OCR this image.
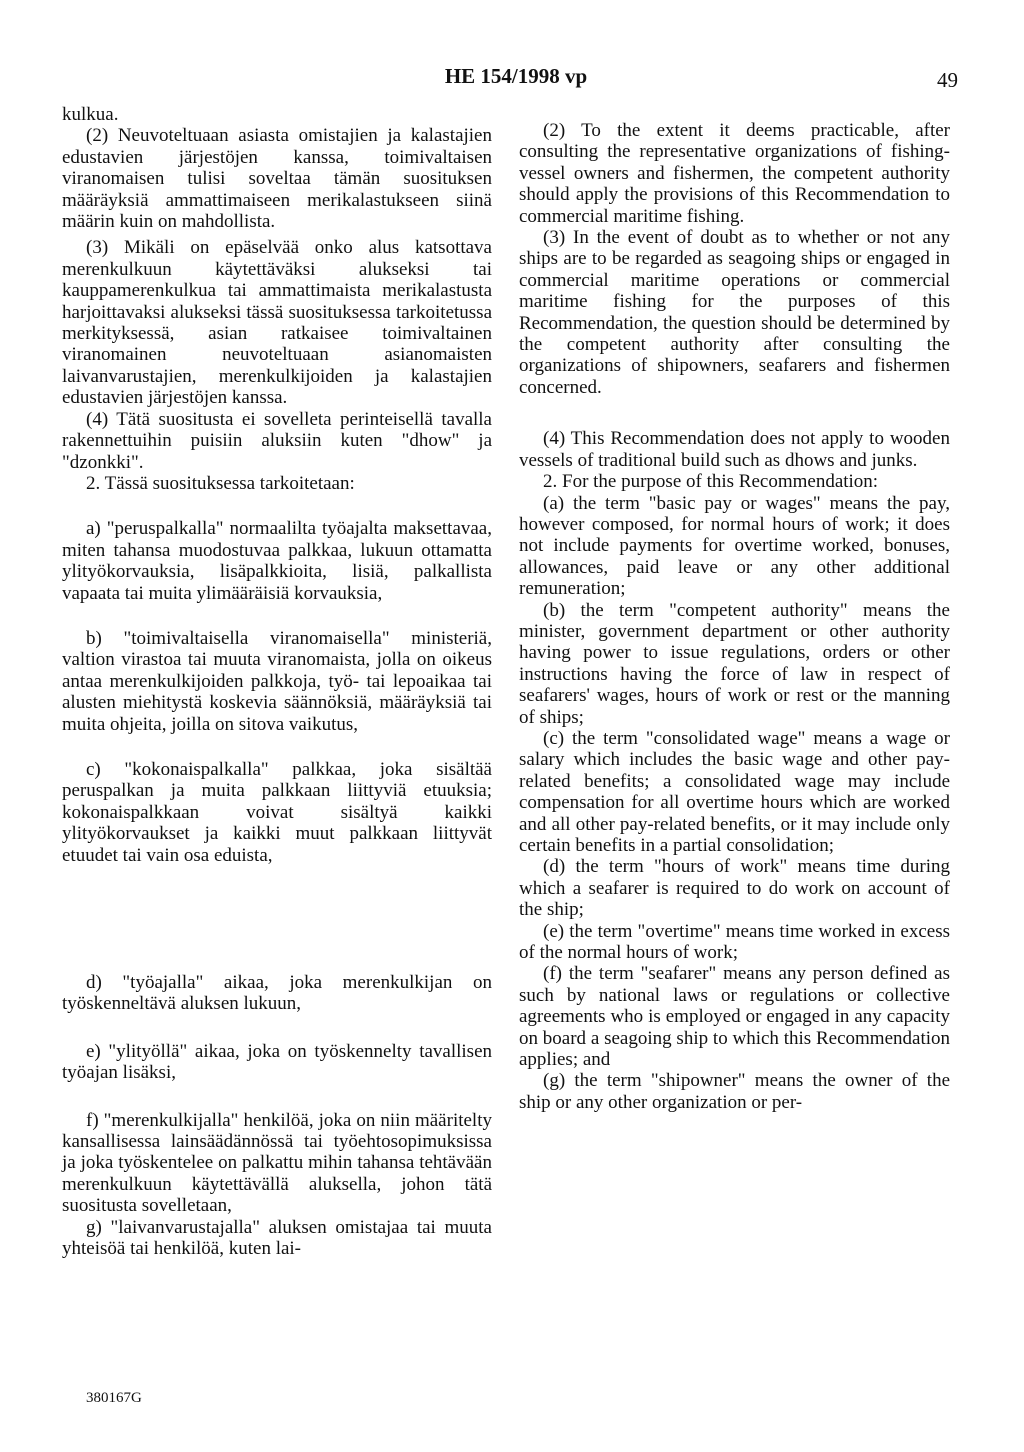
HE 154/1998 vp	49

kulkua.

(2) Neuvoteltuaan asiasta omistajien ja kalastajien edustavien järjestöjen kanssa, toimivaltaisen viranomaisen tulisi soveltaa tämän suosituksen määräyksiä ammattimaiseen merikalastukseen siinä määrin kuin on mahdollista.

(3) Mikäli on epäselvää onko alus katsottava merenkulkuun käytettäväksi alukseksi tai kauppamerenkulkua tai ammattimaista merikalastusta harjoittavaksi alukseksi tässä suosituksessa tarkoitetussa merkityksessä, asian ratkaisee toimivaltainen viranomainen neuvoteltuaan asianomaisten laivanvarustajien, merenkulkijoiden ja kalastajien edustavien järjestöjen kanssa.

(4) Tätä suositusta ei sovelleta perinteisellä tavalla rakennettuihin puisiin aluksiin kuten "dhow" ja "dzonkki".

2. Tässä suosituksessa tarkoitetaan:

a) "peruspalkalla" normaalilta työajalta maksettavaa, miten tahansa muodostuvaa palkkaa, lukuun ottamatta ylityökorvauksia, lisäpalkkioita, lisiä, palkallista vapaata tai muita ylimääräisiä korvauksia,

b) "toimivaltaisella viranomaisella" ministeriä, valtion virastoa tai muuta viranomaista, jolla on oikeus antaa merenkulkijoiden palkkoja, työ- tai lepoaikaa tai alusten miehitystä koskevia säännöksiä, määräyksiä tai muita ohjeita, joilla on sitova vaikutus,

c) "kokonaispalkalla" palkkaa, joka sisältää peruspalkan ja muita palkkaan liittyviä etuuksia; kokonaispalkkaan voivat sisältyä kaikki ylityökorvaukset ja kaikki muut palkkaan liittyvät etuudet tai vain osa eduista,

d) "työajalla" aikaa, joka merenkulkijan on työskenneltävä aluksen lukuun,

e) "ylityöllä" aikaa, joka on työskennelty tavallisen työajan lisäksi,

f) "merenkulkijalla" henkilöä, joka on niin määritelty kansallisessa lainsäädännössä tai työehtosopimuksissa ja joka työskentelee on palkattu mihin tahansa tehtävään merenkulkuun käytettävällä aluksella, johon tätä suositusta sovelletaan,

g) "laivanvarustajalla" aluksen omistajaa tai muuta yhteisöä tai henkilöä, kuten lai-

(2) To the extent it deems practicable, after consulting the representative organizations of fishing-vessel owners and fishermen, the competent authority should apply the provisions of this Recommendation to commercial maritime fishing.

(3) In the event of doubt as to whether or not any ships are to be regarded as seagoing ships or engaged in commercial maritime operations or commercial maritime fishing for the purposes of this Recommendation, the question should be determined by the competent authority after consulting the organizations of shipowners, seafarers and fishermen concerned.

(4) This Recommendation does not apply to wooden vessels of traditional build such as dhows and junks.

2. For the purpose of this Recommendation:

(a) the term "basic pay or wages" means the pay, however composed, for normal hours of work; it does not include payments for overtime worked, bonuses, allowances, paid leave or any other additional remuneration;

(b) the term "competent authority" means the minister, government department or other authority having power to issue regulations, orders or other instructions having the force of law in respect of seafarers' wages, hours of work or rest or the manning of ships;

(c) the term "consolidated wage" means a wage or salary which includes the basic wage and other pay-related benefits; a consolidated wage may include compensation for all overtime hours which are worked and all other pay-related benefits, or it may include only certain benefits in a partial consolidation;

(d) the term "hours of work" means time during which a seafarer is required to do work on account of the ship;

(e) the term "overtime" means time worked in excess of the normal hours of work;

(f) the term "seafarer" means any person defined as such by national laws or regulations or collective agreements who is employed or engaged in any capacity on board a seagoing ship to which this Recommendation applies; and

(g) the term "shipowner" means the owner of the ship or any other organization or per-

380167G
